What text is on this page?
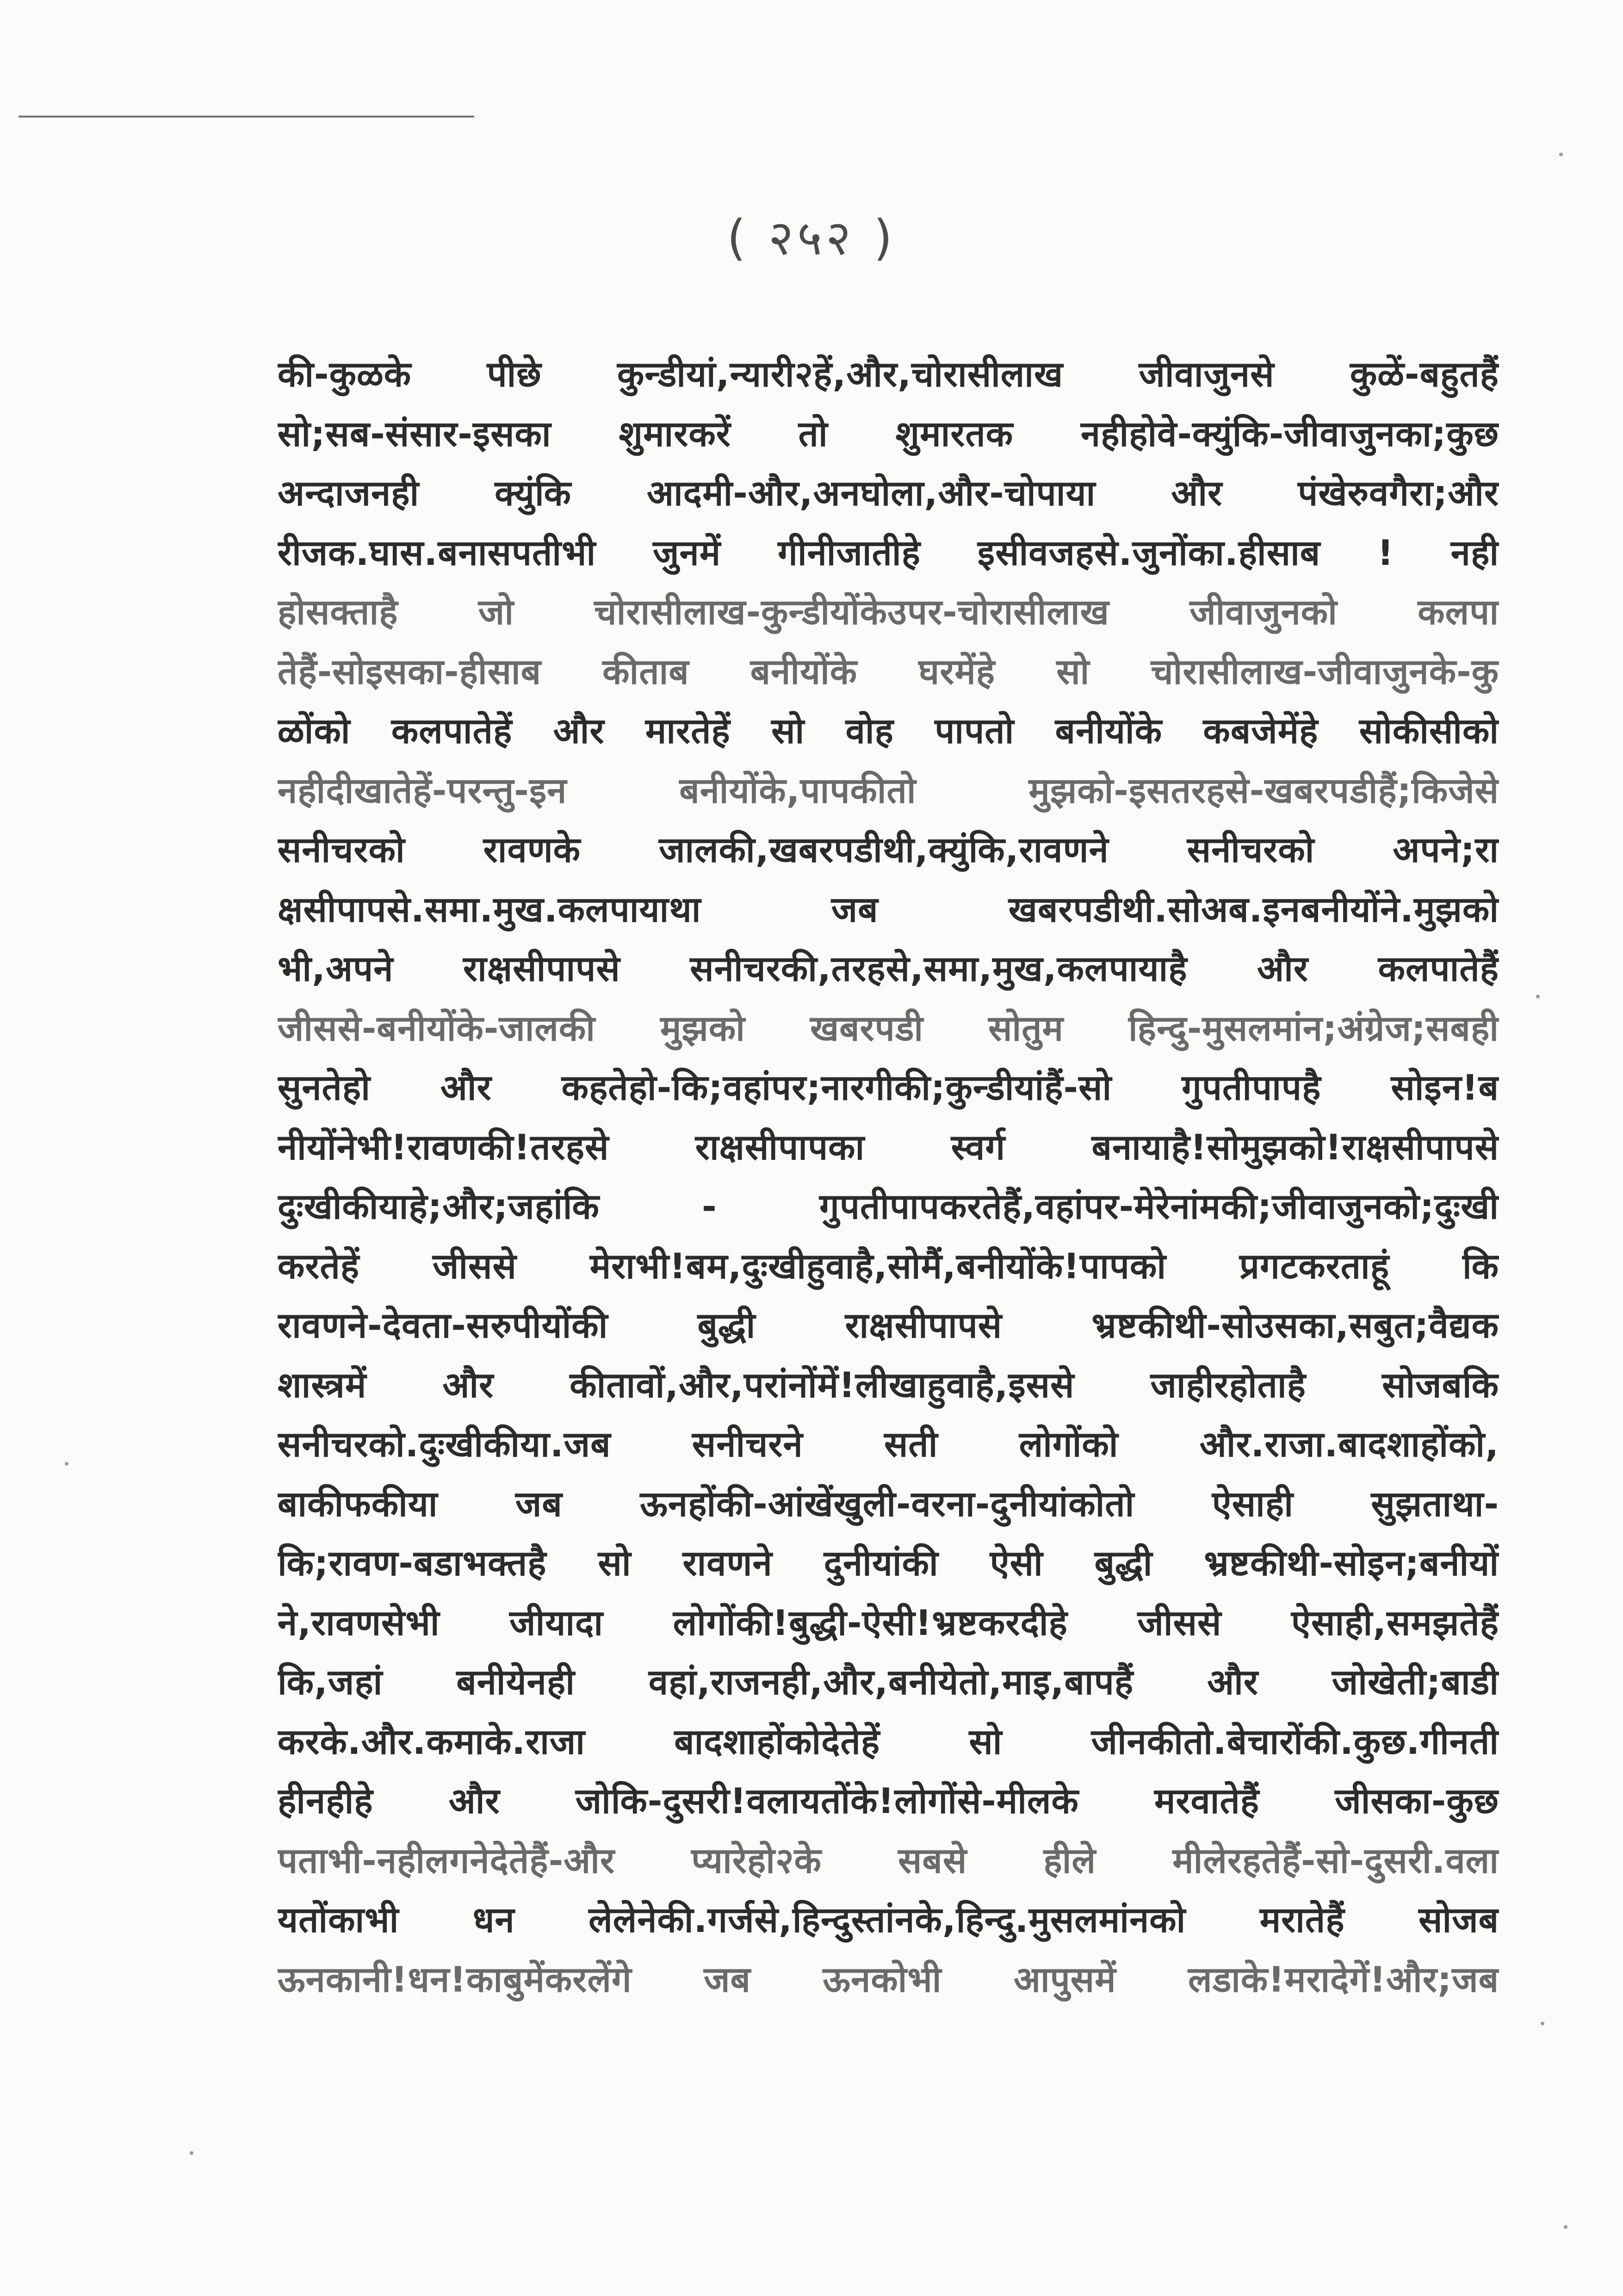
( २५२ )
की-कुळके पीछे कुन्डीयां,न्यारी२हें,और,चोरासीलाख जीवाजुनसे कुळें-बहुतहैं
सो;सब-संसार-इसका शुमारकरें तो शुमारतक नहीहोवे-क्युंकि-जीवाजुनका;कुछ
अन्दाजनही क्युंकि आदमी-और,अनघोला,और-चोपाया और पंखेरुवगैरा;और
रीजक.घास.बनासपतीभी जुनमें गीनीजातीहे इसीवजहसे.जुनोंका.हीसाब ! नही
होसक्ताहै जो चोरासीलाख-कुन्डीयोंकेउपर-चोरासीलाख जीवाजुनको कलपा
तेहैं-सोइसका-हीसाब कीताब बनीयोंके घरमेंहे सो चोरासीलाख-जीवाजुनके-कु
ळोंको कलपातेहें और मारतेहें सो वोह पापतो बनीयोंके कबजेमेंहे सोकीसीको
नहीदीखातेहें-परन्तु-इन बनीयोंके,पापकीतो मुझको-इसतरहसे-खबरपडीहैं;किजेसे
सनीचरको रावणके जालकी,खबरपडीथी,क्युंकि,रावणने सनीचरको अपने;रा
क्षसीपापसे.समा.मुख.कलपायाथा जब खबरपडीथी.सोअब.इनबनीयोंने.मुझको
भी,अपने राक्षसीपापसे सनीचरकी,तरहसे,समा,मुख,कलपायाहै और कलपातेहैं
जीससे-बनीयोंके-जालकी मुझको खबरपडी सोतुम हिन्दु-मुसलमांन;अंग्रेज;सबही
सुनतेहो और कहतेहो-कि;वहांपर;नारगीकी;कुन्डीयांहैं-सो गुपतीपापहै सोइन!ब
नीयोंनेभी!रावणकी!तरहसे राक्षसीपापका स्वर्ग बनायाहै!सोमुझको!राक्षसीपापसे
दुःखीकीयाहे;और;जहांकि - गुपतीपापकरतेहैं,वहांपर-मेरेनांमकी;जीवाजुनको;दुःखी
करतेहें जीससे मेराभी!बम,दुःखीहुवाहै,सोमैं,बनीयोंके!पापको प्रगटकरताहूं कि
रावणने-देवता-सरुपीयोंकी बुद्धी राक्षसीपापसे भ्रष्टकीथी-सोउसका,सबुत;वैद्यक
शास्त्रमें और कीतावों,और,परांनोंमें!लीखाहुवाहै,इससे जाहीरहोताहै सोजबकि
सनीचरको.दुःखीकीया.जब सनीचरने सती लोगोंको और.राजा.बादशाहोंको,
बाकीफकीया जब ऊनहोंकी-आंखेंखुली-वरना-दुनीयांकोतो ऐसाही सुझताथा-
कि;रावण-बडाभक्तहै सो रावणने दुनीयांकी ऐसी बुद्धी भ्रष्टकीथी-सोइन;बनीयों
ने,रावणसेभी जीयादा लोगोंकी!बुद्धी-ऐसी!भ्रष्टकरदीहे जीससे ऐसाही,समझतेहैं
कि,जहां बनीयेनही वहां,राजनही,और,बनीयेतो,माइ,बापहैं और जोखेती;बाडी
करके.और.कमाके.राजा बादशाहोंकोदेतेहें सो जीनकीतो.बेचारोंकी.कुछ.गीनती
हीनहीहे और जोकि-दुसरी!वलायतोंके!लोगोंसे-मीलके मरवातेहैं जीसका-कुछ
पताभी-नहीलगनेदेतेहैं-और प्यारेहो२के सबसे हीले मीलेरहतेहैं-सो-दुसरी.वला
यतोंकाभी धन लेलेनेकी.गर्जसे,हिन्दुस्तांनके,हिन्दु.मुसलमांनको मरातेहैं सोजब
ऊनकानी!धन!काबुमेंकरलेंगे जब ऊनकोभी आपुसमें लडाके!मरादेगें!और;जब
